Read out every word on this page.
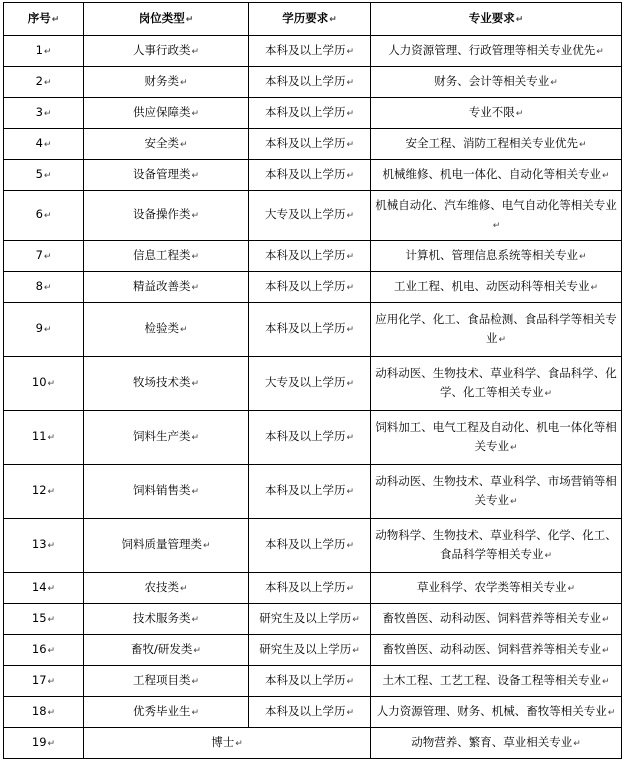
序号↵	岗位类型↵	学历要求↵	专业要求↵
1↵	人事行政类↵	本科及以上学历↵	人力资源管理、行政管理等相关专业优先↵
2↵	财务类↵	本科及以上学历↵	财务、会计等相关专业↵
3↵	供应保障类↵	本科及以上学历↵	专业不限↵
4↵	安全类↵	本科及以上学历↵	安全工程、消防工程相关专业优先↵
5↵	设备管理类↵	本科及以上学历↵	机械维修、机电一体化、自动化等相关专业↵
6↵	设备操作类↵	大专及以上学历↵	机械自动化、汽车维修、电气自动化等相关专业↵
7↵	信息工程类↵	本科及以上学历↵	计算机、管理信息系统等相关专业↵
8↵	精益改善类↵	本科及以上学历↵	工业工程、机电、动医动科等相关专业↵
9↵	检验类↵	本科及以上学历↵	应用化学、化工、食品检测、食品科学等相关专业↵
10↵	牧场技术类↵	大专及以上学历↵	动科动医、生物技术、草业科学、食品科学、化学、化工等相关专业↵
11↵	饲料生产类↵	本科及以上学历↵	饲料加工、电气工程及自动化、机电一体化等相关专业↵
12↵	饲料销售类↵	本科及以上学历↵	动科动医、生物技术、草业科学、市场营销等相关专业↵
13↵	饲料质量管理类↵	本科及以上学历↵	动物科学、生物技术、草业科学、化学、化工、食品科学等相关专业↵
14↵	农技类↵	本科及以上学历↵	草业科学、农学类等相关专业↵
15↵	技术服务类↵	研究生及以上学历↵	畜牧兽医、动科动医、饲料营养等相关专业↵
16↵	畜牧/研发类↵	研究生及以上学历↵	畜牧兽医、动科动医、饲料营养等相关专业↵
17↵	工程项目类↵	本科及以上学历↵	土木工程、工艺工程、设备工程等相关专业↵
18↵	优秀毕业生↵	本科及以上学历↵	人力资源管理、财务、机械、畜牧等相关专业↵
19↵	博士↵		动物营养、繁育、草业相关专业↵
